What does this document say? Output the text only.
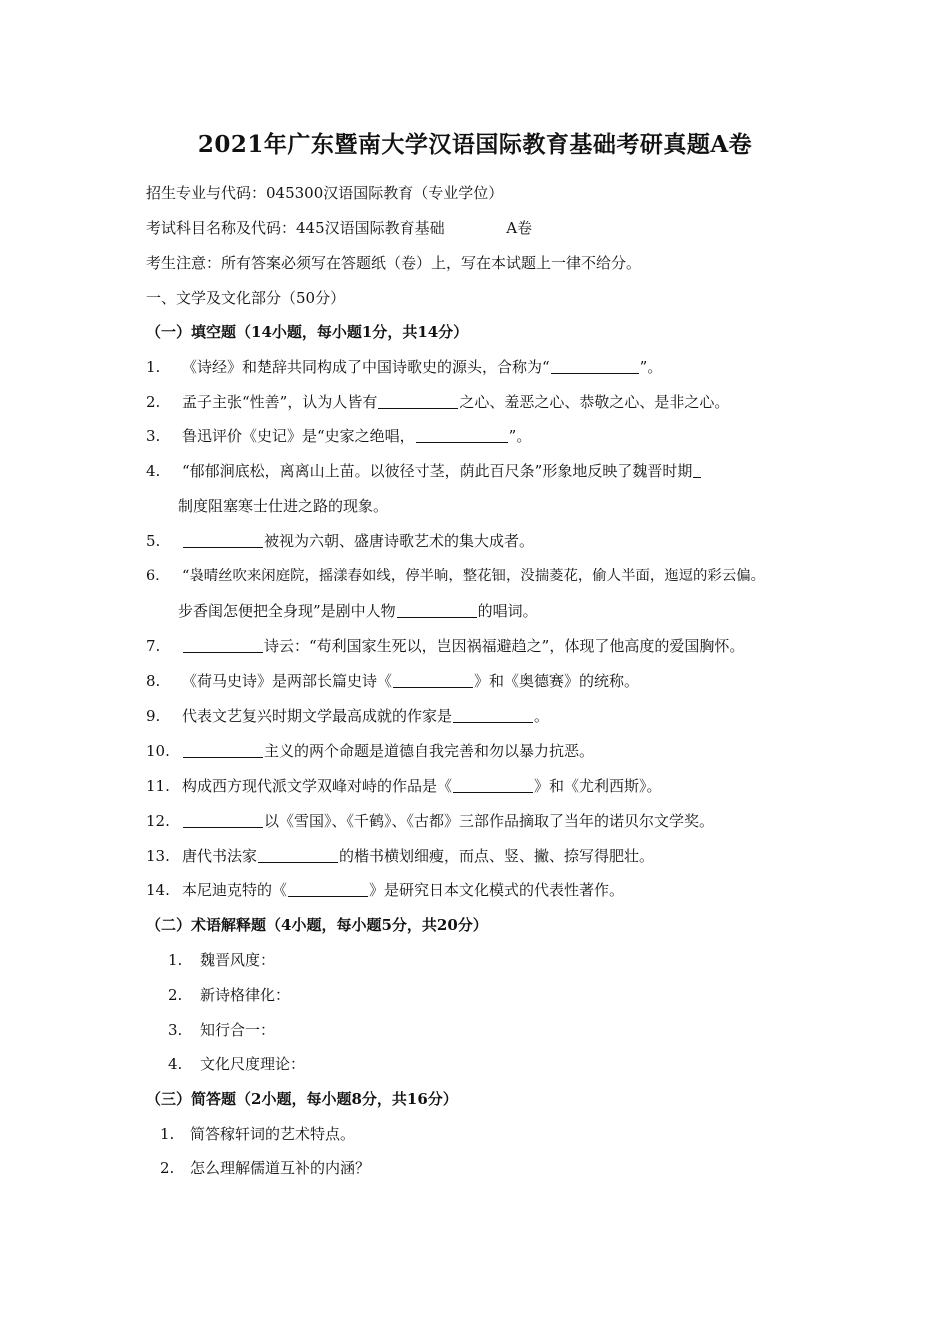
2021年广东暨南大学汉语国际教育基础考研真题A卷
招生专业与代码：045300汉语国际教育（专业学位）
考试科目名称及代码：445汉语国际教育基础	A卷
考生注意：所有答案必须写在答题纸（卷）上，写在本试题上一律不给分。
一、文学及文化部分（50分）
（一）填空题（14小题，每小题1分，共14分）
1. 《诗经》和楚辞共同构成了中国诗歌史的源头，合称为“	”。
2. 孟子主张“性善”，认为人皆有	之心、羞恶之心、恭敬之心、是非之心。
3. 鲁迅评价《史记》是“史家之绝唱，	”。
4. “郁郁涧底松，离离山上苗。以彼径寸茎，荫此百尺条”形象地反映了魏晋时期
制度阻塞寒士仕进之路的现象。
5.	被视为六朝、盛唐诗歌艺术的集大成者。
6. “袅晴丝吹来闲庭院，摇漾春如线，停半晌，整花钿，没揣菱花，偷人半面，迤逗的彩云偏。
步香闺怎便把全身现”是剧中人物	的唱词。
7.	诗云：“苟利国家生死以，岂因祸福避趋之”，体现了他高度的爱国胸怀。
8. 《荷马史诗》是两部长篇史诗《	》和《奥德赛》的统称。
9. 代表文艺复兴时期文学最高成就的作家是	。
10.	主义的两个命题是道德自我完善和勿以暴力抗恶。
11. 构成西方现代派文学双峰对峙的作品是《	》和《尤利西斯》。
12.	以《雪国》、《千鹤》、《古都》三部作品摘取了当年的诺贝尔文学奖。
13. 唐代书法家	的楷书横划细瘦，而点、竖、撇、捺写得肥壮。
14. 本尼迪克特的《	》是研究日本文化模式的代表性著作。
（二）术语解释题（4小题，每小题5分，共20分）
1. 魏晋风度：
2. 新诗格律化：
3. 知行合一：
4. 文化尺度理论：
（三）简答题（2小题，每小题8分，共16分）
1. 简答稼轩词的艺术特点。
2. 怎么理解儒道互补的内涵？
